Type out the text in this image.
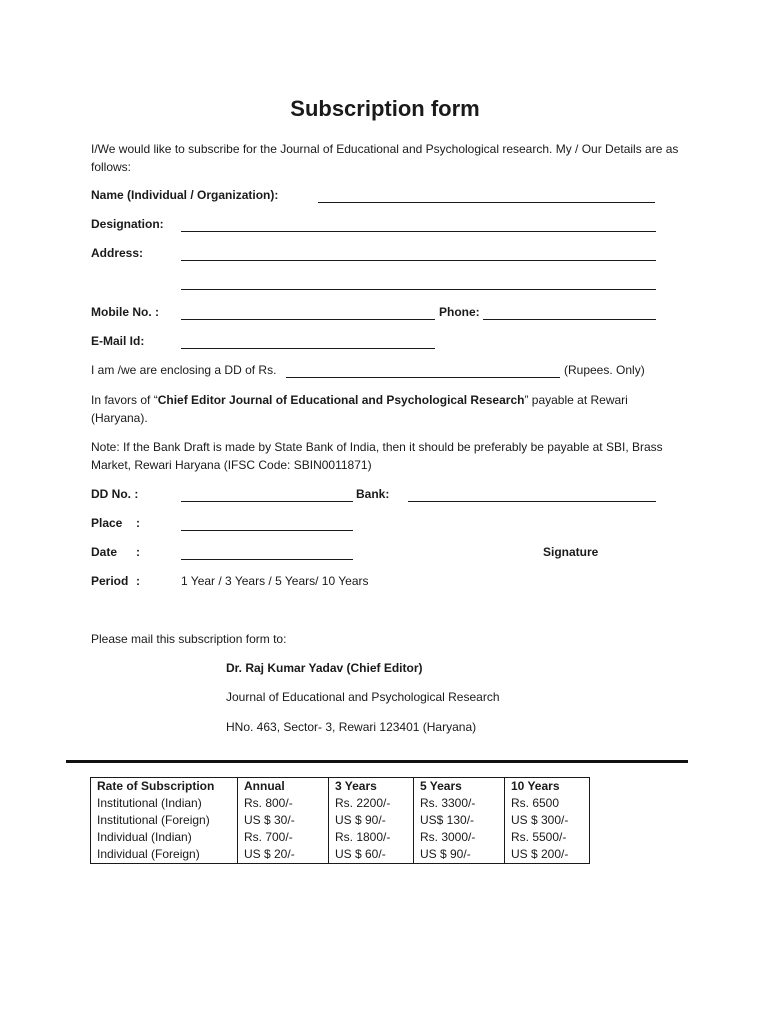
Subscription form
I/We would like to subscribe for the Journal of Educational and Psychological research. My / Our Details are as follows:
Name (Individual / Organization):
Designation:
Address:
Mobile No. :	Phone:
E-Mail Id:
I am /we are enclosing a DD of Rs.	(Rupees. Only)
In favors of “Chief Editor Journal of Educational and Psychological Research” payable at Rewari (Haryana).
Note: If the Bank Draft is made by State Bank of India, then it should be preferably be payable at SBI, Brass Market, Rewari Haryana (IFSC Code: SBIN0011871)
DD No. :	Bank:
Place :
Date :	Signature
Period :	1 Year / 3 Years / 5 Years/ 10 Years
Please mail this subscription form to:
Dr. Raj Kumar Yadav (Chief Editor)
Journal of Educational and Psychological Research
HNo. 463, Sector- 3, Rewari 123401 (Haryana)
Rate of Subscription	Annual	3 Years	5 Years	10 Years
Institutional (Indian)	Rs. 800/-	Rs. 2200/-	Rs. 3300/-	Rs. 6500
Institutional (Foreign)	US $ 30/-	US $ 90/-	US$ 130/-	US $ 300/-
Individual (Indian)	Rs. 700/-	Rs. 1800/-	Rs. 3000/-	Rs. 5500/-
Individual (Foreign)	US $ 20/-	US $ 60/-	US $ 90/-	US $ 200/-
